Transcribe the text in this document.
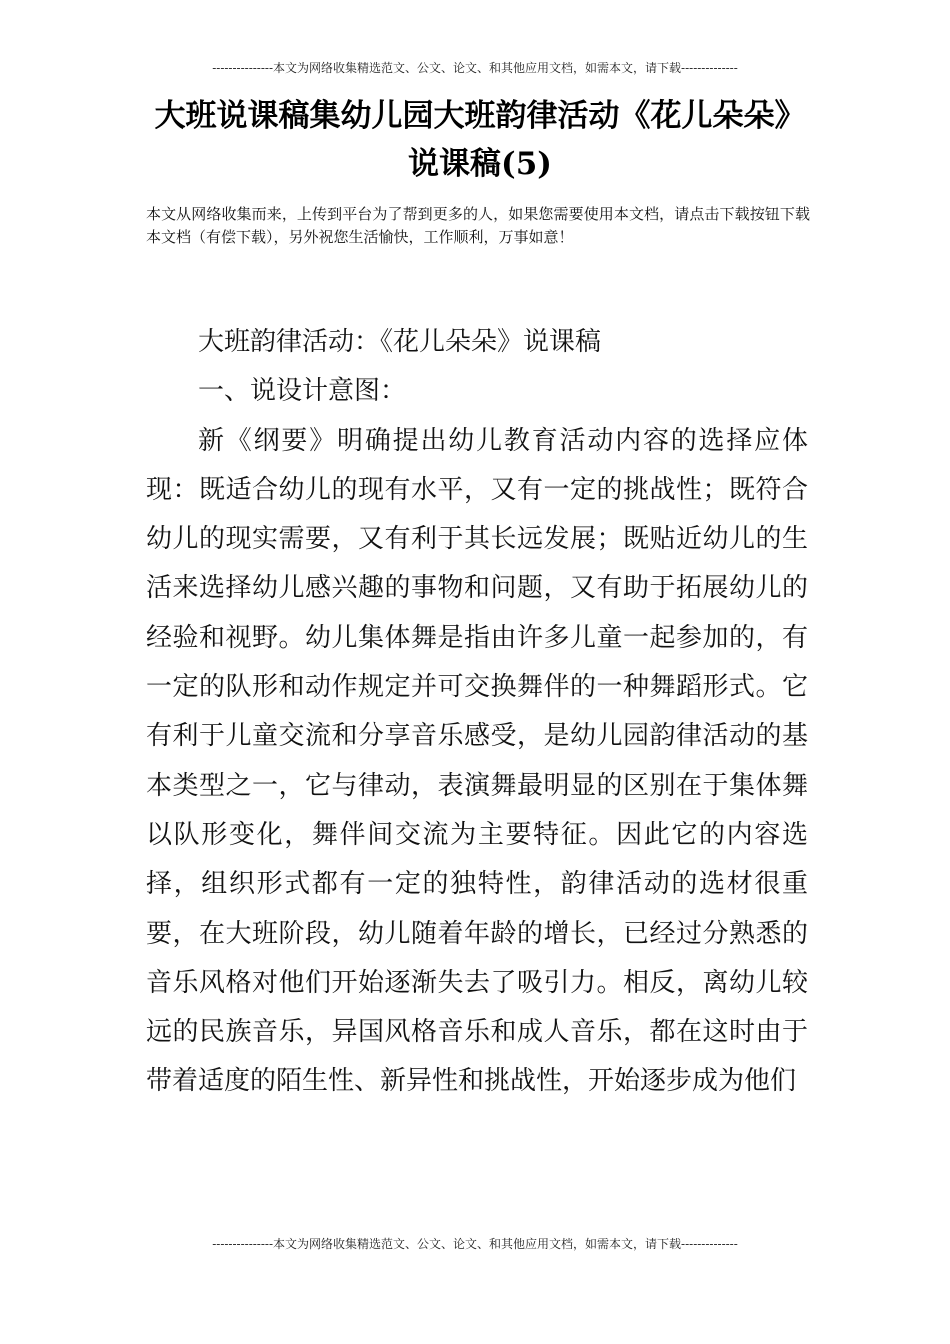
---------------本文为网络收集精选范文、公文、论文、和其他应用文档，如需本文，请下载--------------
大班说课稿集幼儿园大班韵律活动《花儿朵朵》说课稿(5)

本文从网络收集而来，上传到平台为了帮到更多的人，如果您需要使用本文档，请点击下载按钮下载本文档（有偿下载），另外祝您生活愉快，工作顺利，万事如意！

大班韵律活动：《花儿朵朵》说课稿

一、说设计意图：

新《纲要》明确提出幼儿教育活动内容的选择应体现：既适合幼儿的现有水平，又有一定的挑战性；既符合幼儿的现实需要，又有利于其长远发展；既贴近幼儿的生活来选择幼儿感兴趣的事物和问题，又有助于拓展幼儿的经验和视野。幼儿集体舞是指由许多儿童一起参加的，有一定的队形和动作规定并可交换舞伴的一种舞蹈形式。它有利于儿童交流和分享音乐感受，是幼儿园韵律活动的基本类型之一，它与律动，表演舞最明显的区别在于集体舞以队形变化，舞伴间交流为主要特征。因此它的内容选择，组织形式都有一定的独特性，韵律活动的选材很重要，在大班阶段，幼儿随着年龄的增长，已经过分熟悉的音乐风格对他们开始逐渐失去了吸引力。相反，离幼儿较远的民族音乐，异国风格音乐和成人音乐，都在这时由于带着适度的陌生性、新异性和挑战性，开始逐步成为他们

---------------本文为网络收集精选范文、公文、论文、和其他应用文档，如需本文，请下载--------------
